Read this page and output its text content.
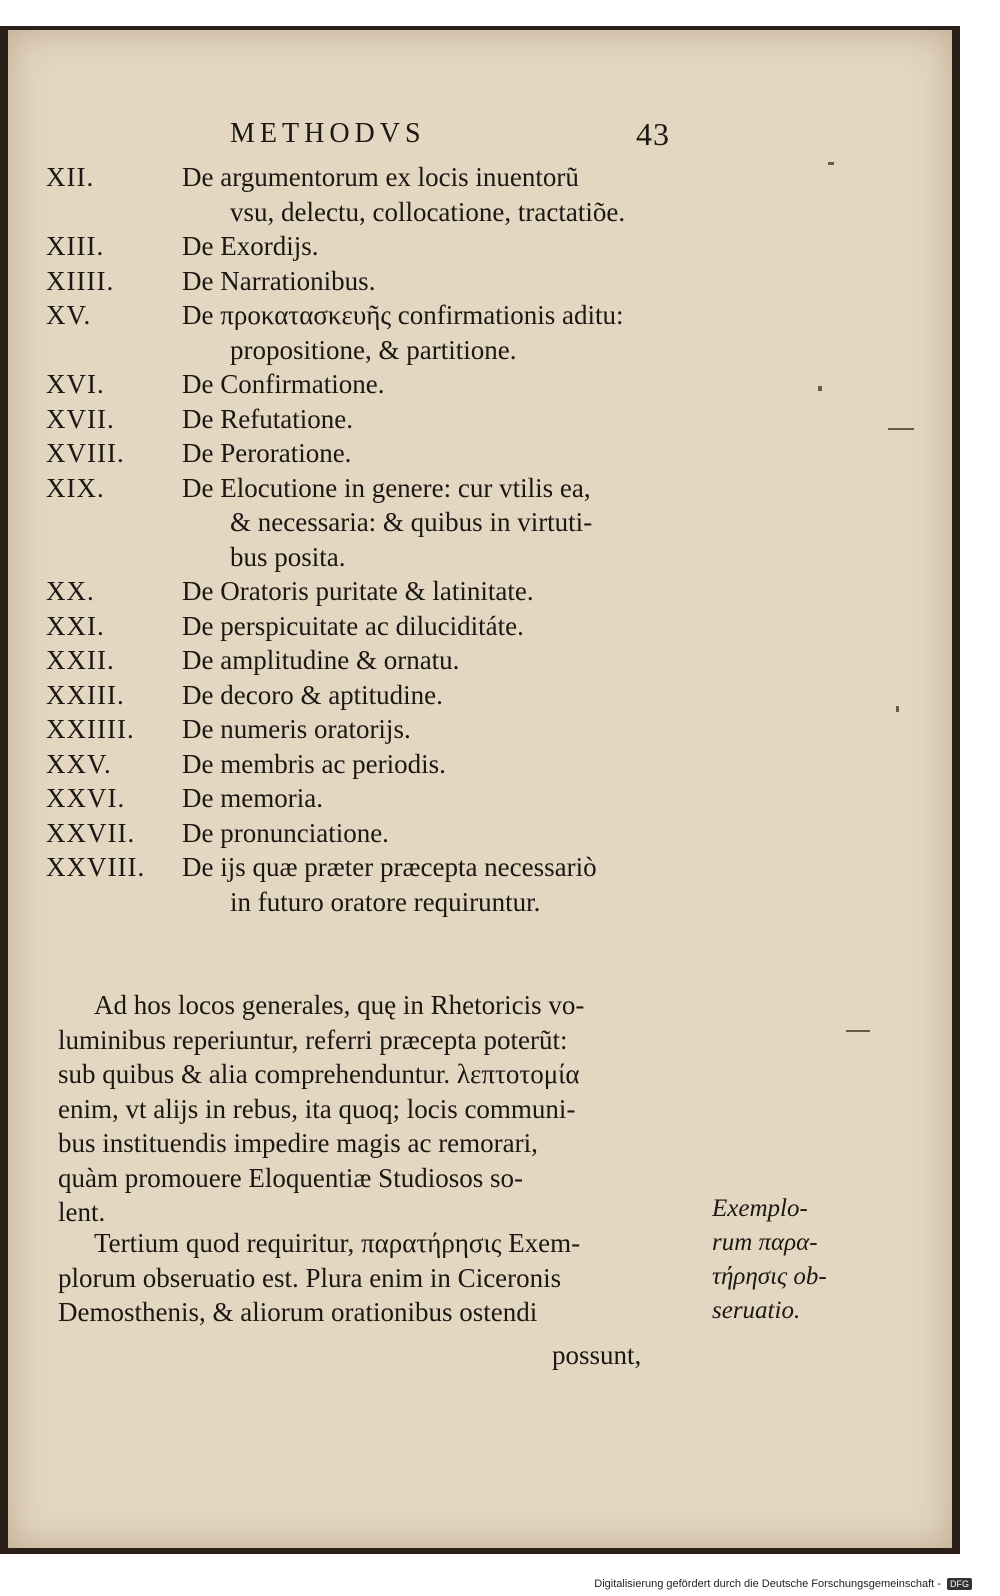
METHODVS	43
XII.	De argumentorum ex locis inuentorũ
vsu, delectu, collocatione, tractatiõe.
XIII.	De Exordijs.
XIIII.	De Narrationibus.
XV.	De προκατασκευῆς confirmationis aditu:
propositione, & partitione.
XVI.	De Confirmatione.
XVII.	De Refutatione.
XVIII.	De Peroratione.
XIX.	De Elocutione in genere: cur vtilis ea,
& necessaria: & quibus in virtuti-
bus posita.
XX.	De Oratoris puritate & latinitate.
XXI.	De perspicuitate ac diluciditáte.
XXII.	De amplitudine & ornatu.
XXIII.	De decoro & aptitudine.
XXIIII.	De numeris oratorijs.
XXV.	De membris ac periodis.
XXVI.	De memoria.
XXVII.	De pronunciatione.
XXVIII.	De ijs quæ præter præcepta necessariò
in futuro oratore requiruntur.
Ad hos locos generales, quę in Rhetoricis vo-
luminibus reperiuntur, referri præcepta poterũt:
sub quibus & alia comprehenduntur. λεπτοτομία
enim, vt alijs in rebus, ita quoq; locis communi-
bus instituendis impedire magis ac remorari,
quàm promouere Eloquentiæ Studiosos so-
lent.
Tertium quod requiritur, παρατήρησις Exem-
plorum obseruatio est. Plura enim in Ciceronis
Demosthenis, & aliorum orationibus ostendi
possunt,
Exemplo-
rum παρα-
τήρησις ob-
seruatio.
Digitalisierung gefördert durch die Deutsche Forschungsgemeinschaft - DFG
